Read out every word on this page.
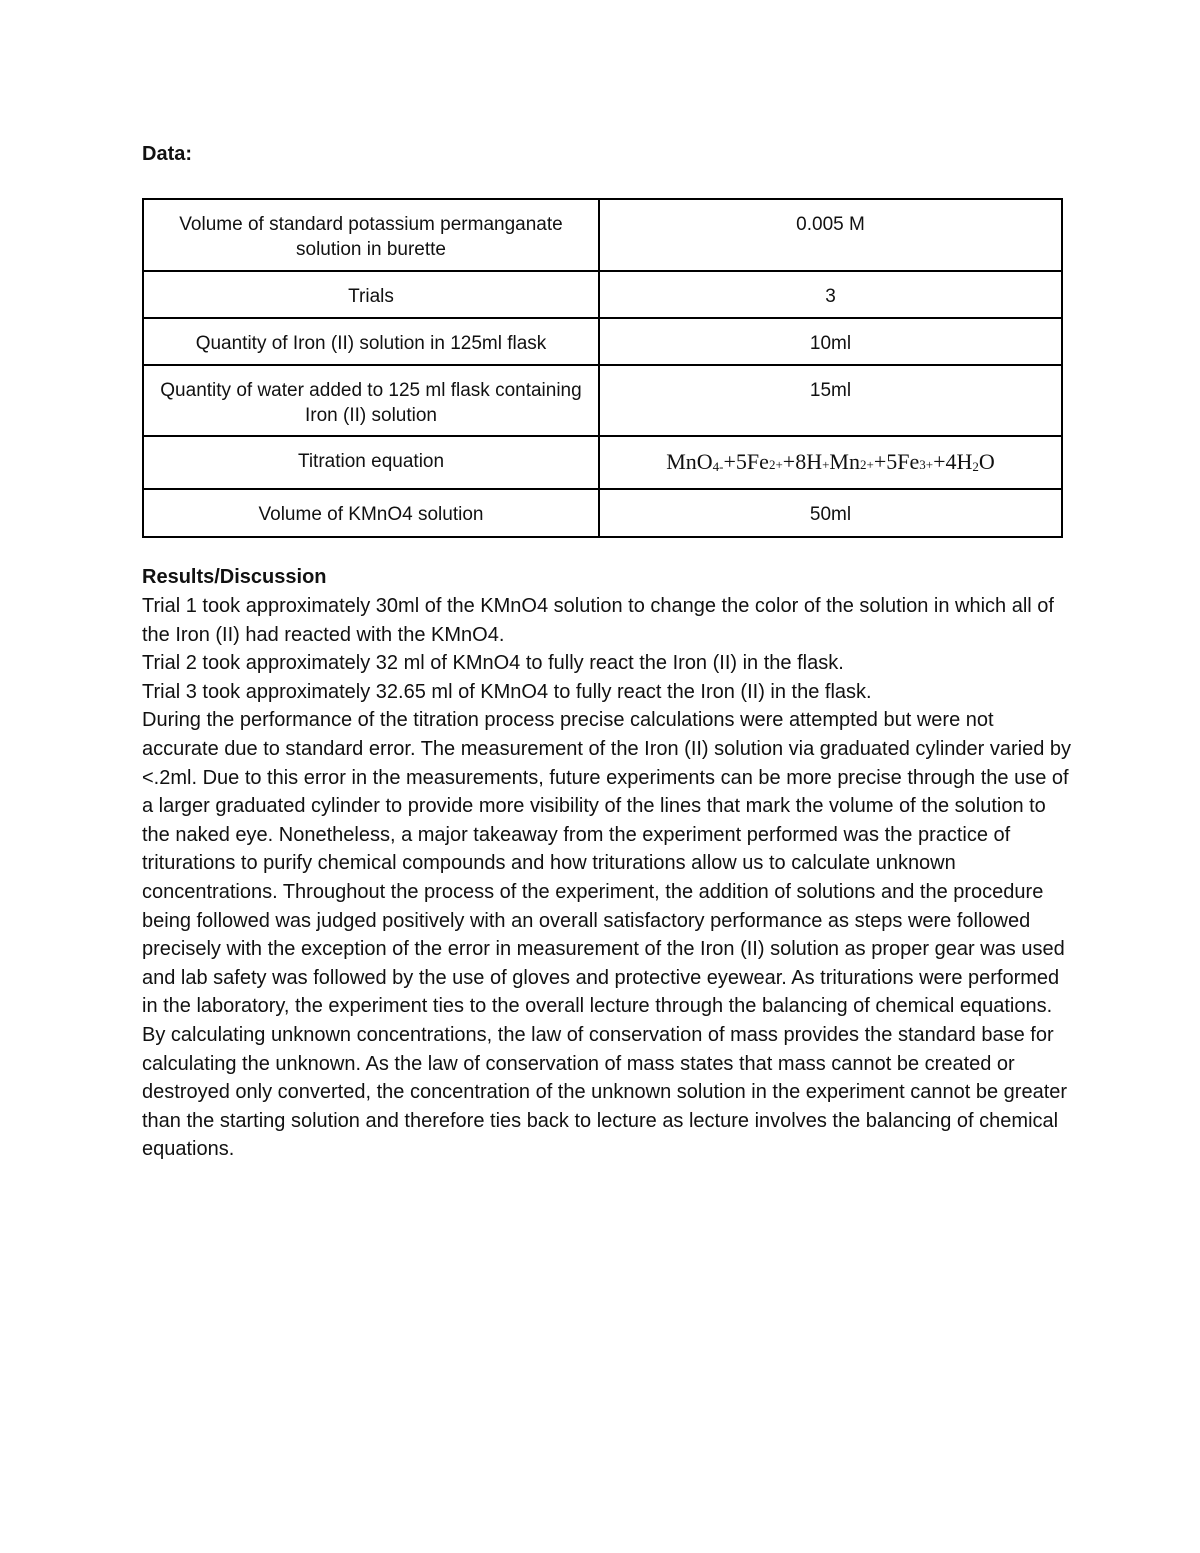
Data:
Volume of standard potassium permanganate solution in burette	0.005 M
Trials	3
Quantity of Iron (II) solution in 125ml flask	10ml
Quantity of water added to 125 ml flask containing Iron (II) solution	15ml
Titration equation	$MnO_{4-}+5Fe2++8H+Mn2++5Fe3++4H_2O$
Volume of KMnO4 solution	50ml
Results/Discussion

Trial 1 took approximately 30ml of the KMnO4 solution to change the color of the solution in which all of the Iron (II) had reacted with the KMnO4.

Trial 2 took approximately 32 ml of KMnO4 to fully react the Iron (II) in the flask.

Trial 3 took approximately 32.65 ml of KMnO4 to fully react the Iron (II) in the flask.

During the performance of the titration process precise calculations were attempted but were not accurate due to standard error. The measurement of the Iron (II) solution via graduated cylinder varied by <.2ml. Due to this error in the measurements, future experiments can be more precise through the use of a larger graduated cylinder to provide more visibility of the lines that mark the volume of the solution to the naked eye. Nonetheless, a major takeaway from the experiment performed was the practice of triturations to purify chemical compounds and how triturations allow us to calculate unknown concentrations. Throughout the process of the experiment, the addition of solutions and the procedure being followed was judged positively with an overall satisfactory performance as steps were followed precisely with the exception of the error in measurement of the Iron (II) solution as proper gear was used and lab safety was followed by the use of gloves and protective eyewear. As triturations were performed in the laboratory, the experiment ties to the overall lecture through the balancing of chemical equations. By calculating unknown concentrations, the law of conservation of mass provides the standard base for calculating the unknown. As the law of conservation of mass states that mass cannot be created or destroyed only converted, the concentration of the unknown solution in the experiment cannot be greater than the starting solution and therefore ties back to lecture as lecture involves the balancing of chemical equations.
